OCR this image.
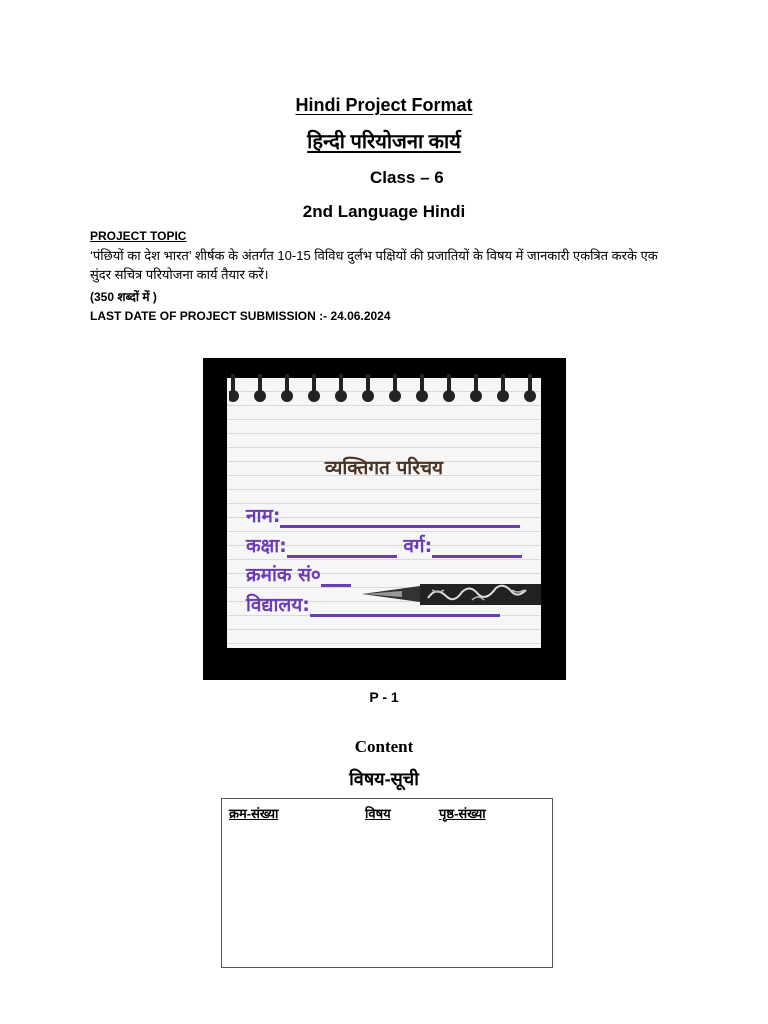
Hindi Project Format
हिन्दी परियोजना कार्य
Class – 6
2nd Language Hindi
PROJECT TOPIC
‘पंछियों का देश भारत’ शीर्षक के अंतर्गत 10-15 विविध दुर्लभ पक्षियों की प्रजातियों के विषय में जानकारी एकत्रित करके एक सुंदर सचित्र परियोजना कार्य तैयार करें।
(350 शब्दों में )
LAST DATE OF PROJECT SUBMISSION :- 24.06.2024
व्यक्तिगत परिचय
नाम:
कक्षा:	वर्ग:
क्रमांक सं०
विद्यालय:
P - 1
Content
विषय-सूची
क्रम-संख्या	विषय	पृष्ठ-संख्या
